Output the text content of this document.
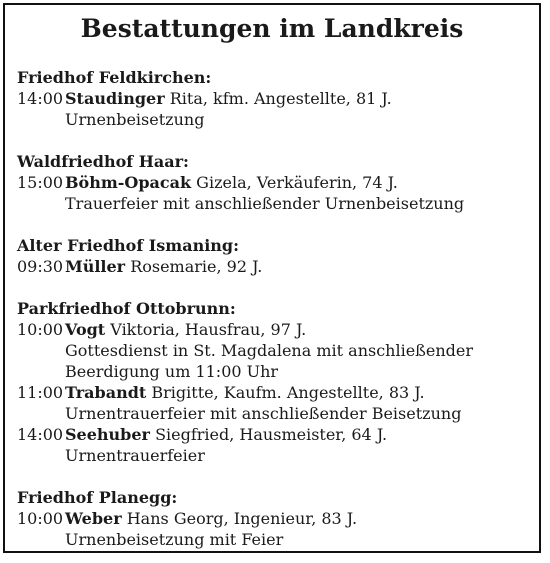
Bestattungen im Landkreis
Friedhof Feldkirchen:
14:00 Staudinger Rita, kfm. Angestellte, 81 J.
Urnenbeisetzung
Waldfriedhof Haar:
15:00 Böhm-Opacak Gizela, Verkäuferin, 74 J.
Trauerfeier mit anschließender Urnenbeisetzung
Alter Friedhof Ismaning:
09:30 Müller Rosemarie, 92 J.
Parkfriedhof Ottobrunn:
10:00 Vogt Viktoria, Hausfrau, 97 J.
Gottesdienst in St. Magdalena mit anschließender
Beerdigung um 11:00 Uhr
11:00 Trabandt Brigitte, Kaufm. Angestellte, 83 J.
Urnentrauerfeier mit anschließender Beisetzung
14:00 Seehuber Siegfried, Hausmeister, 64 J.
Urnentrauerfeier
Friedhof Planegg:
10:00 Weber Hans Georg, Ingenieur, 83 J.
Urnenbeisetzung mit Feier
